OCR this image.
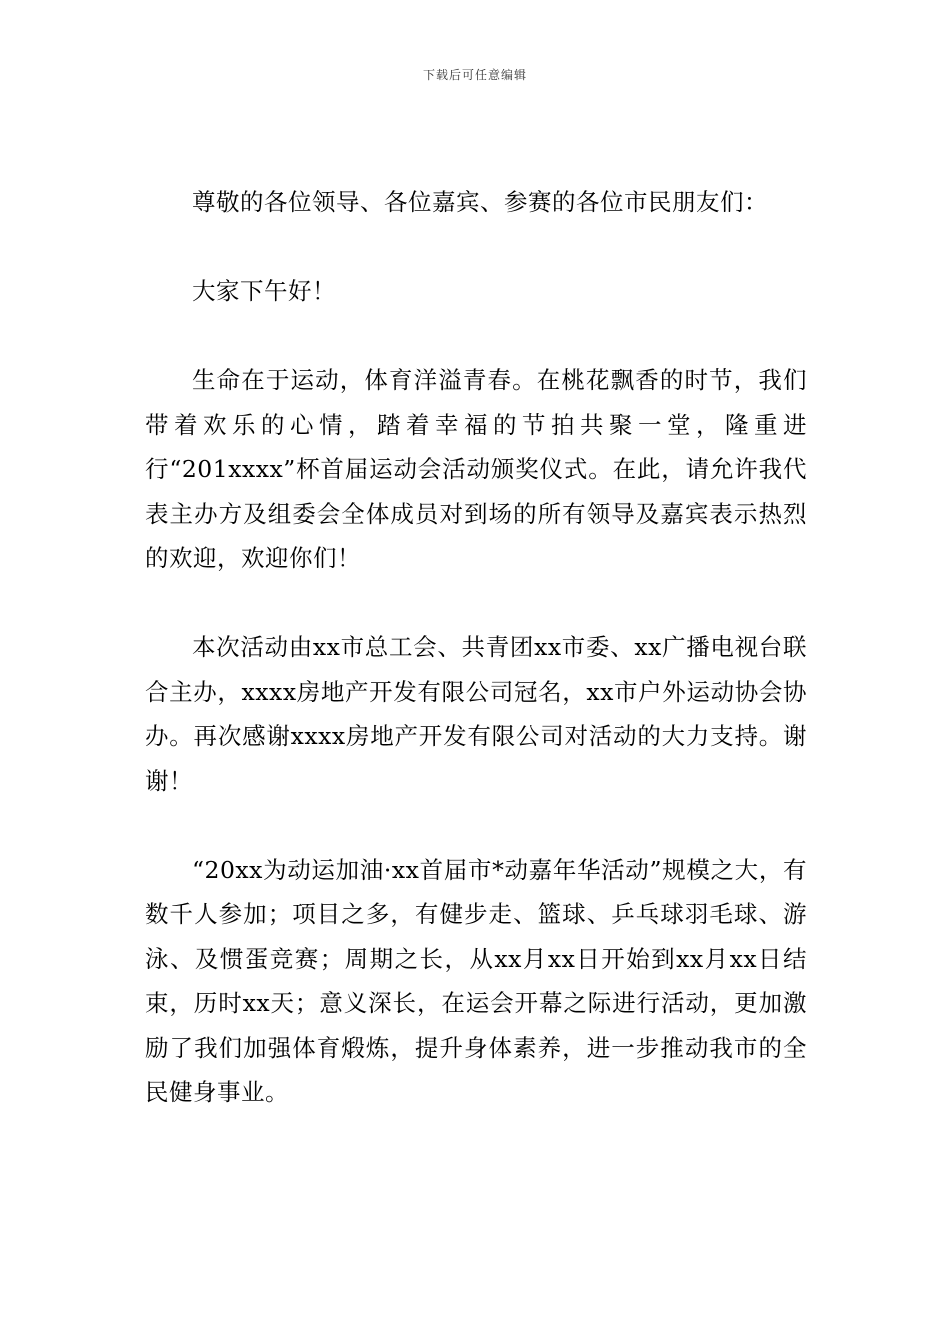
下载后可任意编辑

尊敬的各位领导、各位嘉宾、参赛的各位市民朋友们：

大家下午好！

生命在于运动，体育洋溢青春。在桃花飘香的时节，我们带着欢乐的心情，踏着幸福的节拍共聚一堂，隆重进行“201xxxx”杯首届运动会活动颁奖仪式。在此，请允许我代表主办方及组委会全体成员对到场的所有领导及嘉宾表示热烈的欢迎，欢迎你们！

本次活动由xx市总工会、共青团xx市委、xx广播电视台联合主办，xxxx房地产开发有限公司冠名，xx市户外运动协会协办。再次感谢xxxx房地产开发有限公司对活动的大力支持。谢谢！

“20xx为动运加油·xx首届市*动嘉年华活动”规模之大，有数千人参加；项目之多，有健步走、篮球、乒乓球羽毛球、游泳、及惯蛋竞赛；周期之长，从xx月xx日开始到xx月xx日结束，历时xx天；意义深长，在运会开幕之际进行活动，更加激励了我们加强体育煅炼，提升身体素养，进一步推动我市的全民健身事业。
